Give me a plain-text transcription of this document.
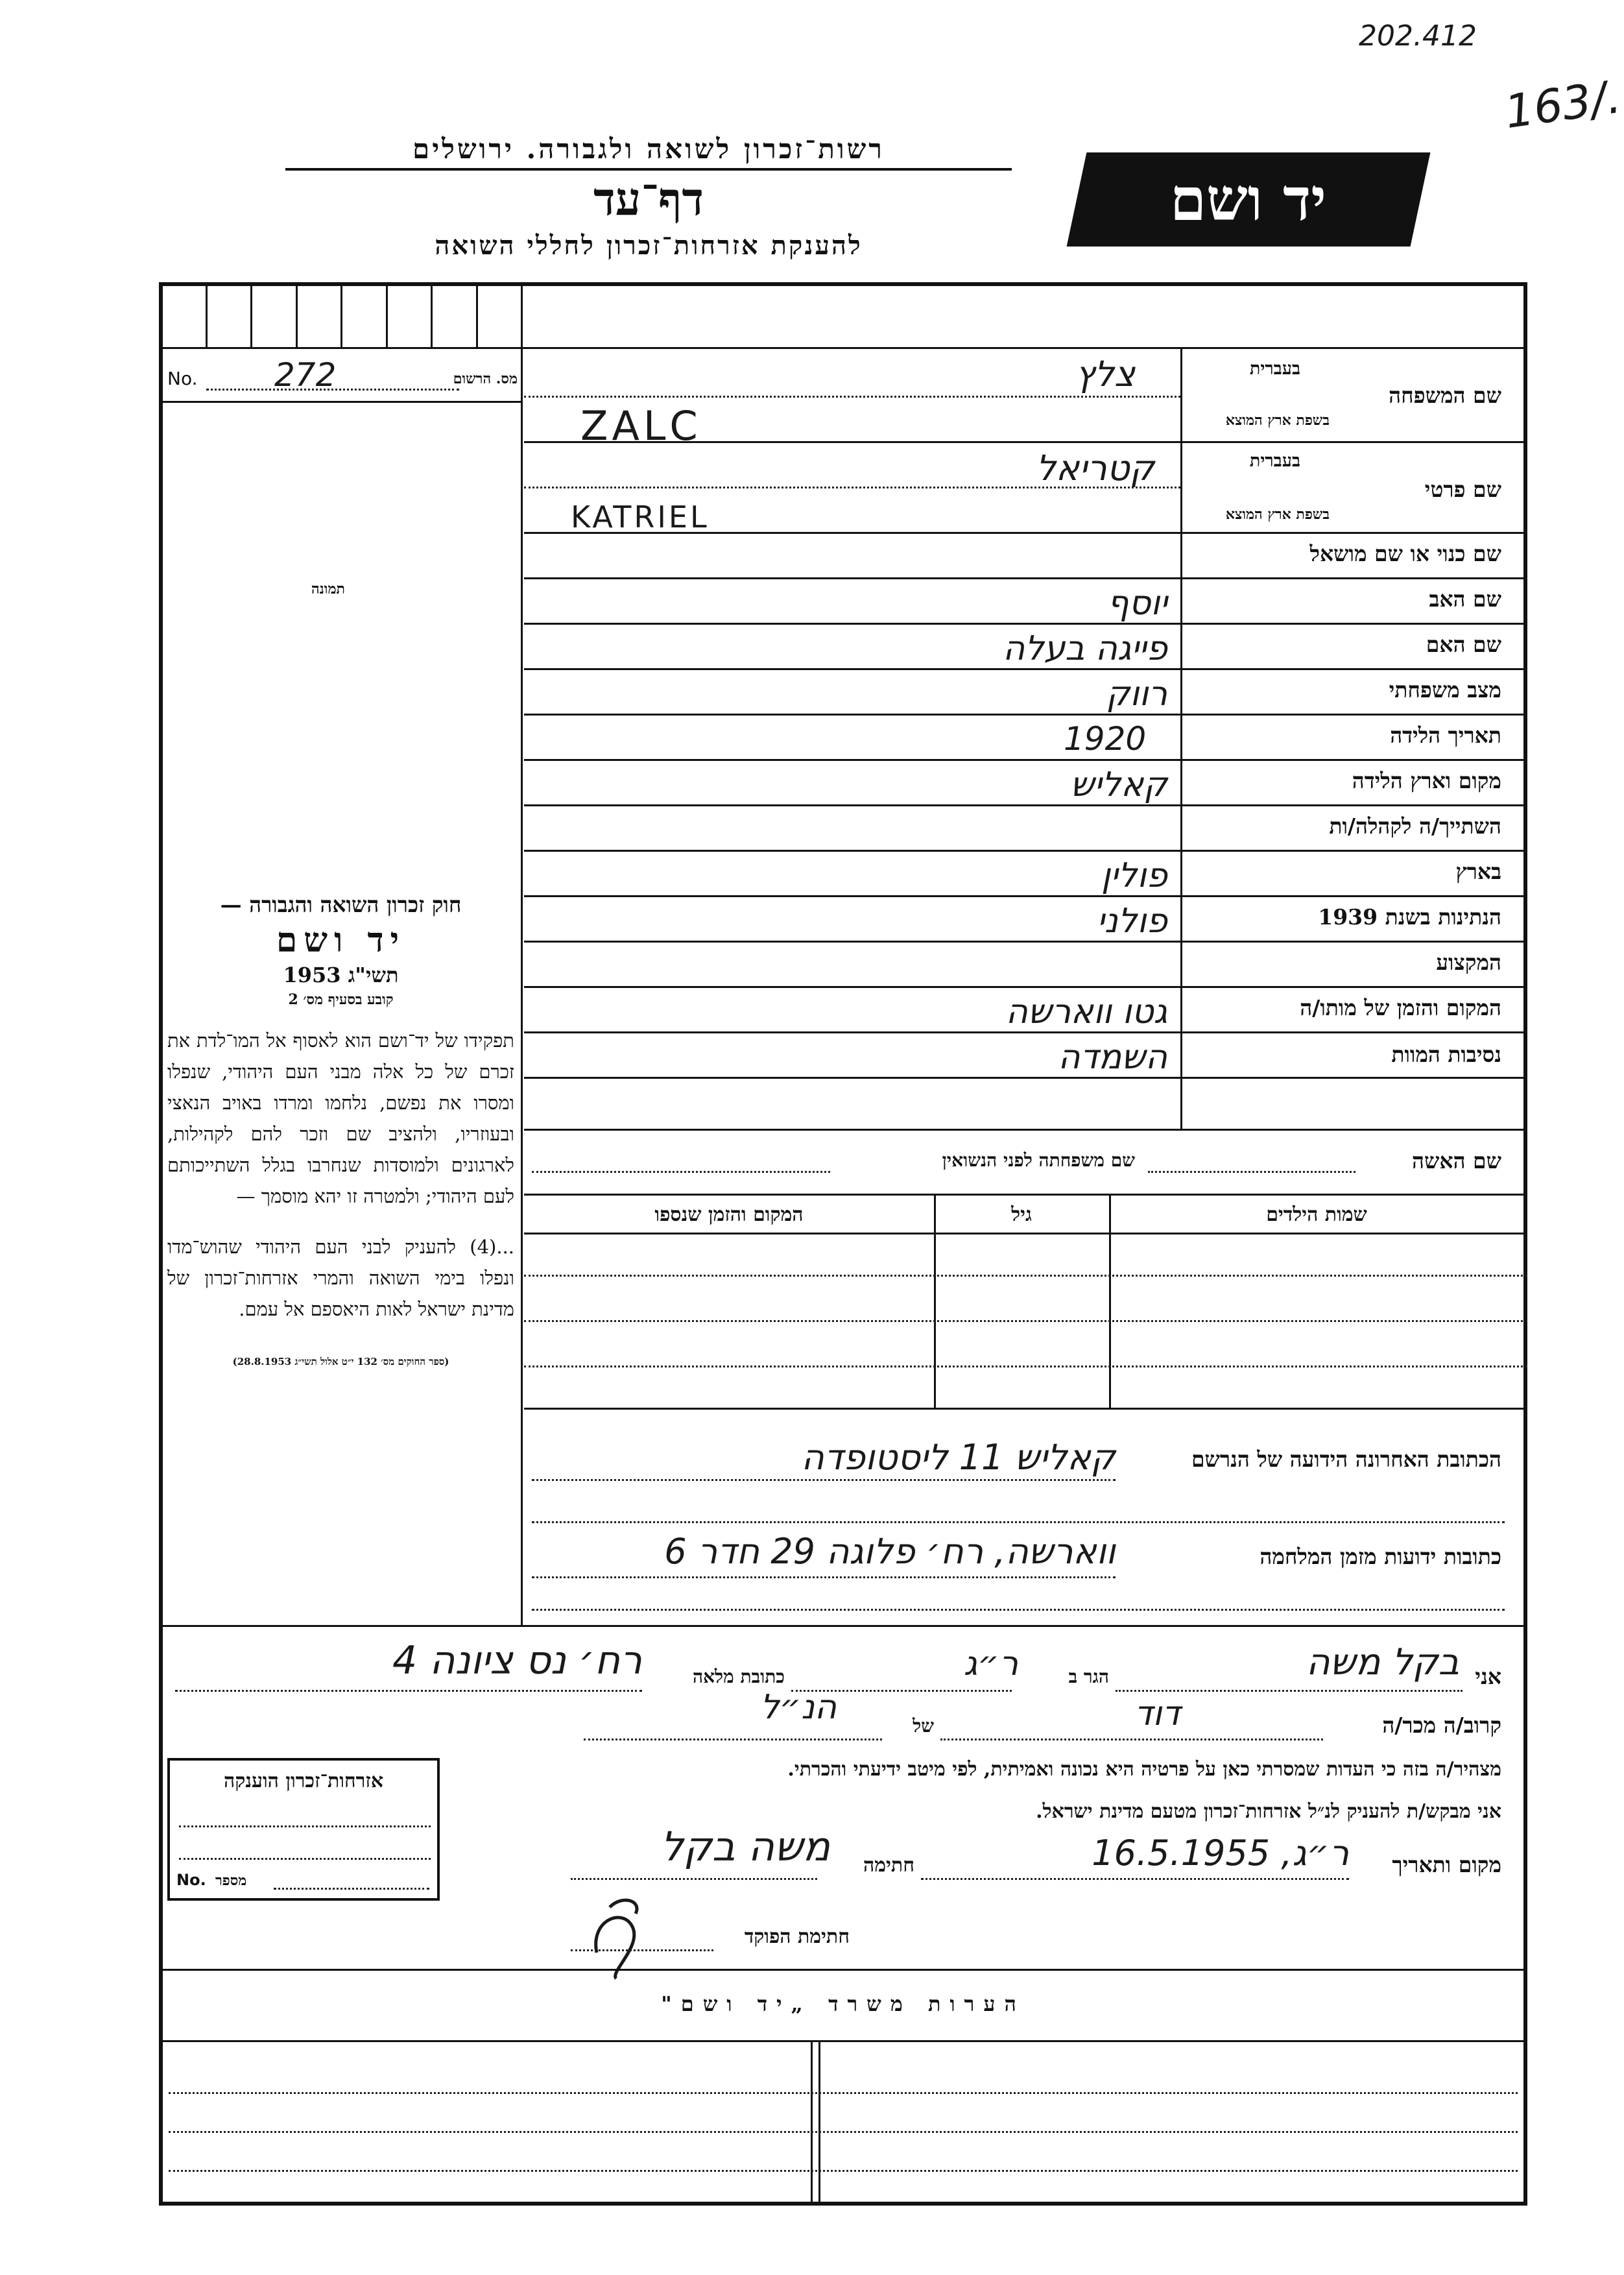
202.412
163/.
רשות־זכרון לשואה ולגבורה. ירושלים
דף־עד
להענקת אזרחות־זכרון לחללי השואה
יד ושם
No. 272	מס. הרשום
תמונה
חוק זכרון השואה והגבורה —
יד ושם
תשי"ג 1953
קובע בסעיף מס׳ 2
תפקידו של יד־ושם הוא לאסוף אל המו־לדת את זכרם של כל אלה מבני העם היהודי, שנפלו ומסרו את נפשם, נלחמו ומרדו באויב הנאצי ובעוזריו, ולהציב שם וזכר להם לקהילות, לארגונים ולמוסדות שנחרבו בגלל השתייכותם לעם היהודי; ולמטרה זו יהא מוסמך —
...(4) להעניק לבני העם היהודי שהוש־מדו ונפלו בימי השואה והמרי אזרחות־זכרון של מדינת ישראל לאות היאספם אל עמם.
(ספר החוקים מס׳ 132 י״ט אלול תשי״ג 28.8.1953)
שם המשפחה
בעברית
בשפת ארץ המוצא
צלץ
ZALC
שם פרטי
בעברית
בשפת ארץ המוצא
קטריאל
KATRIEL
שם כנוי או שם מושאל
שם האב
יוסף
שם האם
פייגה בעלה
מצב משפחתי
רווק
תאריך הלידה
1920
מקום וארץ הלידה
קאליש
השתייך/ה לקהלה/ות
בארץ
פולין
הנתינות בשנת 1939
פולני
המקצוע
המקום והזמן של מותו/ה
גטו ווארשה
נסיבות המוות
השמדה
שם האשה
שם משפחתה לפני הנשואין
שמות הילדים
גיל
המקום והזמן שנספו
הכתובת האחרונה הידועה של הנרשם
קאליש 11 ליסטופדה
כתובות ידועות מזמן המלחמה
ווארשה, רח׳ פלוגה 29 חדר 6
אני
בקל משה
הגר ב
ר״ג
כתובת מלאה
רח׳ נס ציונה 4
קרוב/ה מכר/ה
דוד
של
הנ״ל
מצהיר/ה בזה כי העדות שמסרתי כאן על פרטיה היא נכונה ואמיתית, לפי מיטב ידיעתי והכרתי.
אני מבקש/ת להעניק לנ״ל אזרחות־זכרון מטעם מדינת ישראל.
מקום ותאריך
ר״ג, 16.5.1955
חתימה
משה בקל
חתימת הפוקד
אזרחות־זכרון הוענקה
No. מספר
הערות משרד „יד ושם"
